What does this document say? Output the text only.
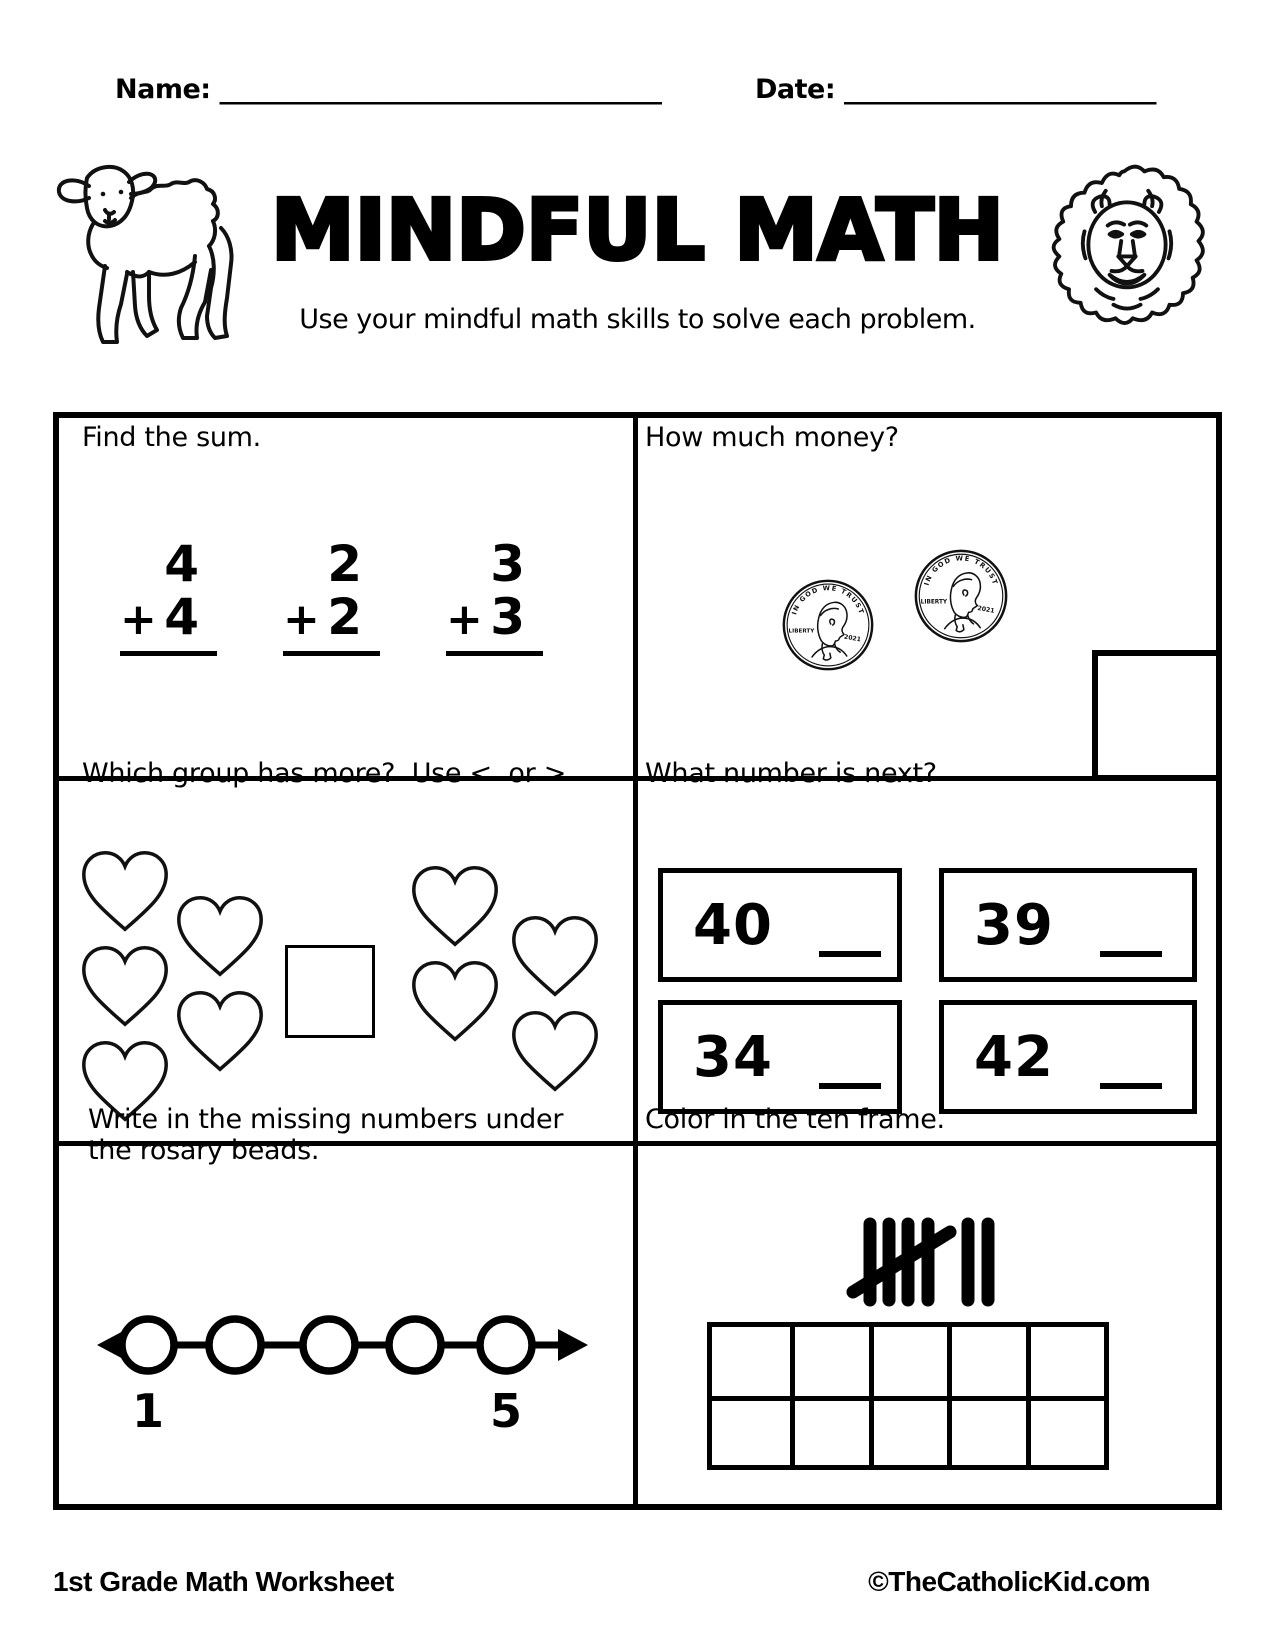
Name: __________________________________	Date: ________________________
MINDFUL MATH
Use your mindful math skills to solve each problem.
Find the sum.
4
+ 4
2
+ 2
3
+ 3
How much money?
IN GOD WE TRUST
LIBERTY
2021
IN GOD WE TRUST
LIBERTY
2021
Which group has more?  Use <  or >	What number is next?
40	39
34	42
Write in the missing numbers under the rosary beads.
1	5
Color in the ten frame.
1st Grade Math Worksheet	©TheCatholicKid.com
